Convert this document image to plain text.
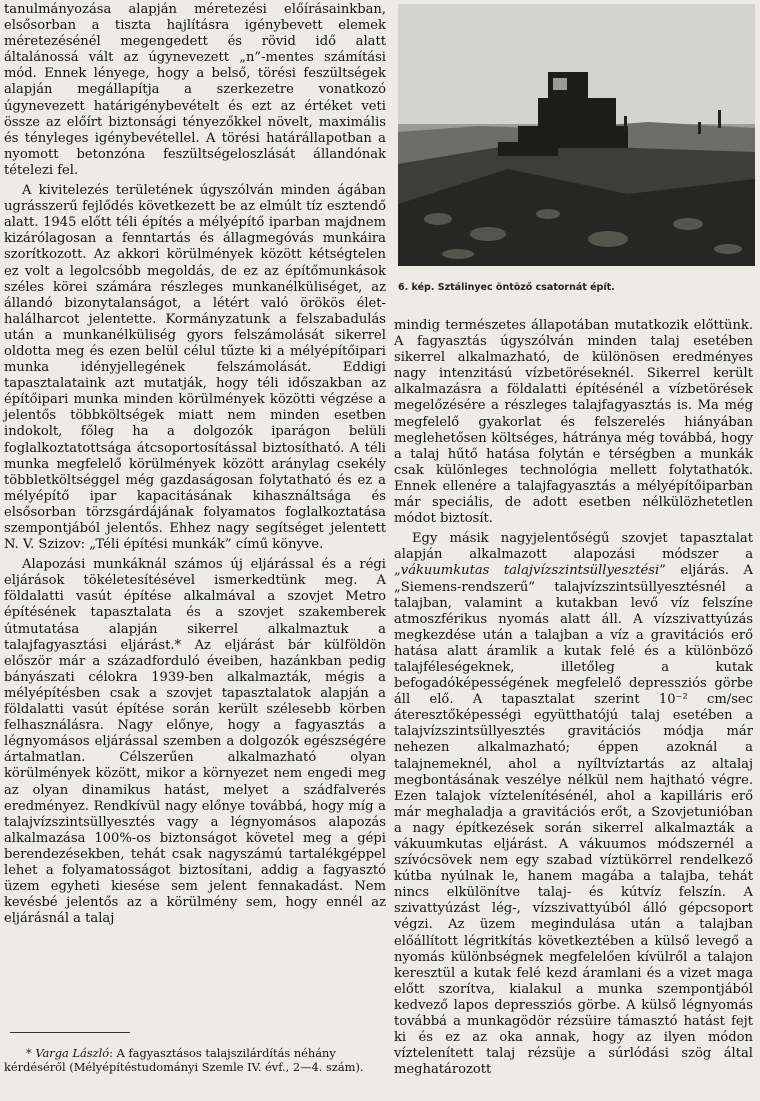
tanulmányozása alapján méretezési előírásainkban, elsősorban a tiszta hajlításra igénybevett elemek méretezésénél megengedett és rövid idő alatt általánossá vált az úgynevezett „n”-mentes számítási mód. Ennek lényege, hogy a belső, törési feszültségek alapján megállapítja a szerkezetre vonatkozó úgynevezett határigénybevételt és ezt az értéket veti össze az előírt biztonsági tényezőkkel növelt, maximális és tényleges igénybevétellel. A törési határállapotban a nyomott betonzóna feszültségeloszlását állandónak tételezi fel.

A kivitelezés területének úgyszólván minden ágában ugrásszerű fejlődés következett be az elmúlt tíz esztendő alatt. 1945 előtt téli építés a mélyépítő iparban majdnem kizárólagosan a fenntartás és állagmegóvás munkáira szorítkozott. Az akkori körülmények között kétségtelen ez volt a legolcsóbb megoldás, de ez az építőmunkások széles körei számára részleges munkanélküliséget, az állandó bizonytalanságot, a létért való örökös élet-halálharcot jelentette. Kormányzatunk a felszabadulás után a munkanélküliség gyors felszámolását sikerrel oldotta meg és ezen belül célul tűzte ki a mélyépítőipari munka idényjellegének felszámolását. Eddigi tapasztalataink azt mutatják, hogy téli időszakban az építőipari munka minden körülmények közötti végzése a jelentős többköltségek miatt nem minden esetben indokolt, főleg ha a dolgozók iparágon belüli foglalkoztatottsága átcsoportosítással biztosítható. A téli munka megfelelő körülmények között aránylag csekély többletköltséggel még gazdaságosan folytatható és ez a mélyépítő ipar kapacitásának kihasználtsága és elsősorban törzsgárdájának folyamatos foglalkoztatása szempontjából jelentős. Ehhez nagy segítséget jelentett N. V. Szizov: „Téli építési munkák” című könyve.

Alapozási munkáknál számos új eljárással és a régi eljárások tökéletesítésével ismerkedtünk meg. A földalatti vasút építése alkalmával a szovjet Metro építésének tapasztalata és a szovjet szakemberek útmutatása alapján sikerrel alkalmaztuk a talajfagyasztási eljárást.* Az eljárást bár külföldön először már a századforduló éveiben, hazánkban pedig bányászati célokra 1939-ben alkalmazták, mégis a mélyépítésben csak a szovjet tapasztalatok alapján a földalatti vasút építése során került szélesebb körben felhasználásra. Nagy előnye, hogy a fagyasztás a légnyomásos eljárással szemben a dolgozók egészségére ártalmatlan. Célszerűen alkalmazható olyan körülmények között, mikor a környezet nem engedi meg az olyan dinamikus hatást, melyet a szádfalverés eredményez. Rendkívül nagy előnye továbbá, hogy míg a talajvízszintsüllyesztés vagy a légnyomásos alapozás alkalmazása 100%-os biztonságot követel meg a gépi berendezésekben, tehát csak nagyszámú tartalékgéppel lehet a folyamatosságot biztosítani, addig a fagyasztó üzem egyheti kiesése sem jelent fennakadást. Nem kevésbé jelentős az a körülmény sem, hogy ennél az eljárásnál a talaj

6. kép. Sztálinyec öntöző csatornát épít.

mindig természetes állapotában mutatkozik előttünk. A fagyasztás úgyszólván minden talaj esetében sikerrel alkalmazható, de különösen eredményes nagy intenzitású vízbetöréseknél. Sikerrel került alkalmazásra a földalatti építésénél a vízbetörések megelőzésére a részleges talajfagyasztás is. Ma még megfelelő gyakorlat és felszerelés hiányában meglehetősen költséges, hátránya még továbbá, hogy a talaj hűtő hatása folytán e térségben a munkák csak különleges technológia mellett folytathatók. Ennek ellenére a talajfagyasztás a mélyépítőiparban már speciális, de adott esetben nélkülözhetetlen módot biztosít.

Egy másik nagyjelentőségű szovjet tapasztalat alapján alkalmazott alapozási módszer a „vákuumkutas talajvízszintsüllyesztési” eljárás. A „Siemens-rendszerű” talajvízszintsüllyesztésnél a talajban, valamint a kutakban levő víz felszíne atmoszférikus nyomás alatt áll. A vízszivattyúzás megkezdése után a talajban a víz a gravitációs erő hatása alatt áramlik a kutak felé és a különböző talajféleségeknek, illetőleg a kutak befogadóképességének megfelelő depressziós görbe áll elő. A tapasztalat szerint 10⁻² cm/sec áteresztőképességi együtthatójú talaj esetében a talajvízszintsüllyesztés gravitációs módja már nehezen alkalmazható; éppen azoknál a talajnemeknél, ahol a nyíltvíztartás az altalaj megbontásának veszélye nélkül nem hajtható végre. Ezen talajok víztelenítésénél, ahol a kapilláris erő már meghaladja a gravitációs erőt, a Szovjetunióban a nagy építkezések során sikerrel alkalmazták a vákuumkutas eljárást. A vákuumos módszernél a szívócsövek nem egy szabad víztükörrel rendelkező kútba nyúlnak le, hanem magába a talajba, tehát nincs elkülönítve talaj- és kútvíz felszín. A szivattyúzást lég-, vízszivattyúból álló gépcsoport végzi. Az üzem megindulása után a talajban előállított légritkítás következtében a külső levegő a nyomás különbségnek megfelelően kívülről a talajon keresztül a kutak felé kezd áramlani és a vizet maga előtt szorítva, kialakul a munka szempontjából kedvező lapos depressziós görbe. A külső légnyomás továbbá a munkagödör rézsüire támasztó hatást fejt ki és ez az oka annak, hogy az ilyen módon víztelenített talaj rézsüje a súrlódási szög által meghatározott

* Varga László: A fagyasztásos talajszilárdítás néhány kérdéséről (Mélyépítéstudományi Szemle IV. évf., 2—4. szám).
